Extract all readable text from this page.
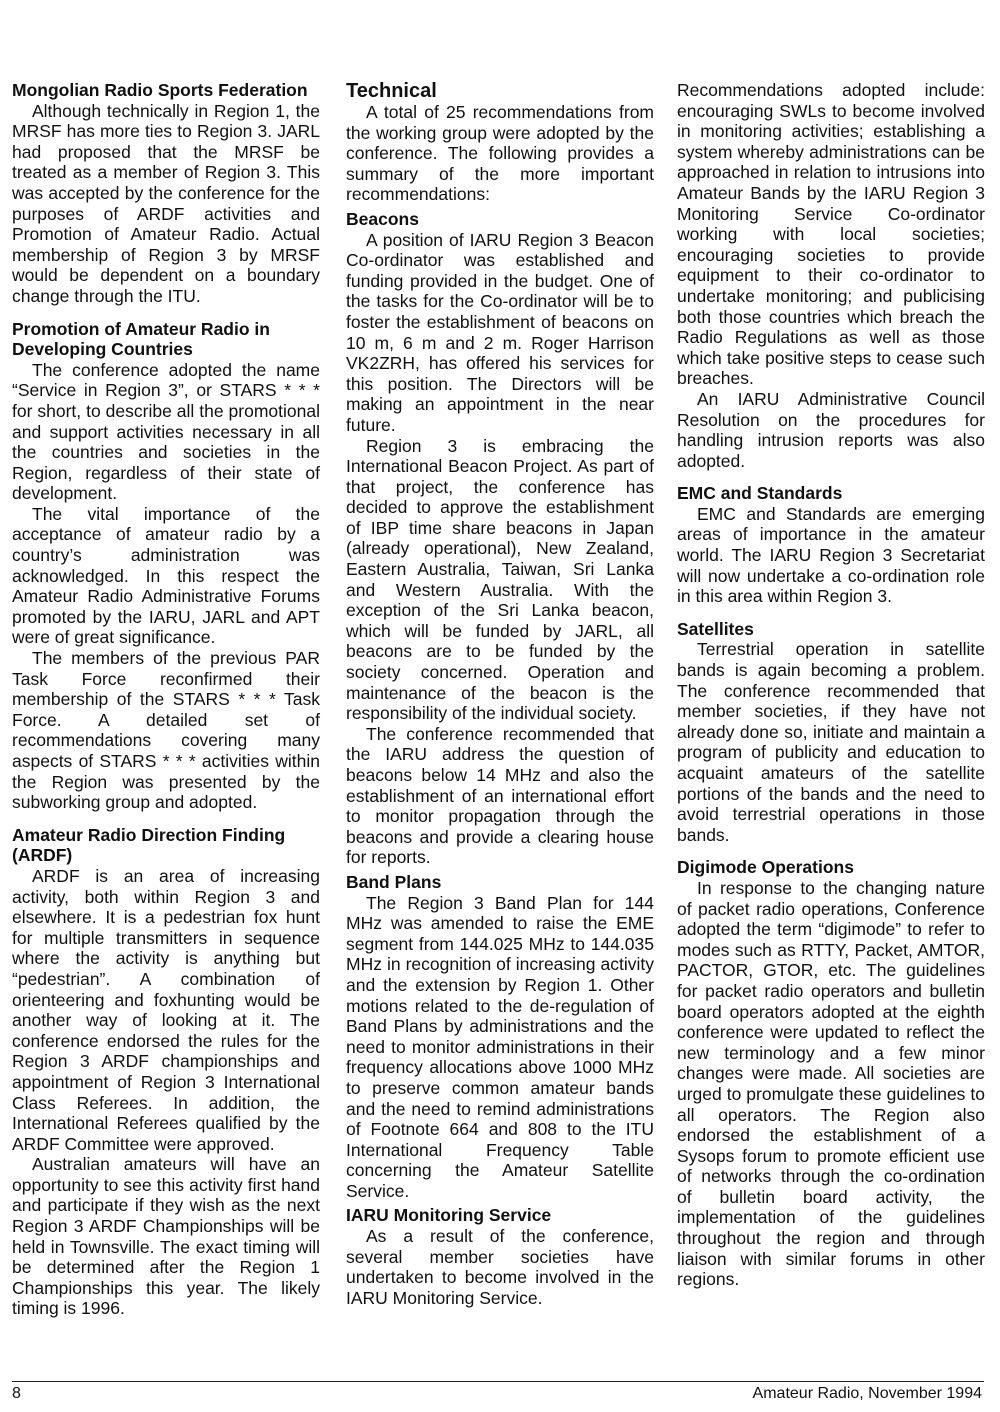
Mongolian Radio Sports Federation

Although technically in Region 1, the MRSF has more ties to Region 3. JARL had proposed that the MRSF be treated as a member of Region 3. This was accepted by the conference for the purposes of ARDF activities and Promotion of Amateur Radio. Actual membership of Region 3 by MRSF would be dependent on a boundary change through the ITU.

Promotion of Amateur Radio in Developing Countries

The conference adopted the name “Service in Region 3”, or STARS * * * for short, to describe all the promotional and support activities necessary in all the countries and societies in the Region, regardless of their state of development.

The vital importance of the acceptance of amateur radio by a country’s administration was acknowledged. In this respect the Amateur Radio Administrative Forums promoted by the IARU, JARL and APT were of great significance.

The members of the previous PAR Task Force reconfirmed their membership of the STARS * * * Task Force. A detailed set of recommendations covering many aspects of STARS * * * activities within the Region was presented by the subworking group and adopted.

Amateur Radio Direction Finding (ARDF)

ARDF is an area of increasing activity, both within Region 3 and elsewhere. It is a pedestrian fox hunt for multiple transmitters in sequence where the activity is anything but “pedestrian”. A combination of orienteering and foxhunting would be another way of looking at it. The conference endorsed the rules for the Region 3 ARDF championships and appointment of Region 3 International Class Referees. In addition, the International Referees qualified by the ARDF Committee were approved.

Australian amateurs will have an opportunity to see this activity first hand and participate if they wish as the next Region 3 ARDF Championships will be held in Townsville. The exact timing will be determined after the Region 1 Championships this year. The likely timing is 1996.

Technical

A total of 25 recommendations from the working group were adopted by the conference. The following provides a summary of the more important recommendations:

Beacons

A position of IARU Region 3 Beacon Co-ordinator was established and funding provided in the budget. One of the tasks for the Co-ordinator will be to foster the establishment of beacons on 10 m, 6 m and 2 m. Roger Harrison VK2ZRH, has offered his services for this position. The Directors will be making an appointment in the near future.

Region 3 is embracing the International Beacon Project. As part of that project, the conference has decided to approve the establishment of IBP time share beacons in Japan (already operational), New Zealand, Eastern Australia, Taiwan, Sri Lanka and Western Australia. With the exception of the Sri Lanka beacon, which will be funded by JARL, all beacons are to be funded by the society concerned. Operation and maintenance of the beacon is the responsibility of the individual society.

The conference recommended that the IARU address the question of beacons below 14 MHz and also the establishment of an international effort to monitor propagation through the beacons and provide a clearing house for reports.

Band Plans

The Region 3 Band Plan for 144 MHz was amended to raise the EME segment from 144.025 MHz to 144.035 MHz in recognition of increasing activity and the extension by Region 1. Other motions related to the de-regulation of Band Plans by administrations and the need to monitor administrations in their frequency allocations above 1000 MHz to preserve common amateur bands and the need to remind administrations of Footnote 664 and 808 to the ITU International Frequency Table concerning the Amateur Satellite Service.

IARU Monitoring Service

As a result of the conference, several member societies have undertaken to become involved in the IARU Monitoring Service.

Recommendations adopted include: encouraging SWLs to become involved in monitoring activities; establishing a system whereby administrations can be approached in relation to intrusions into Amateur Bands by the IARU Region 3 Monitoring Service Co-ordinator working with local societies; encouraging societies to provide equipment to their co-ordinator to undertake monitoring; and publicising both those countries which breach the Radio Regulations as well as those which take positive steps to cease such breaches.

An IARU Administrative Council Resolution on the procedures for handling intrusion reports was also adopted.

EMC and Standards

EMC and Standards are emerging areas of importance in the amateur world. The IARU Region 3 Secretariat will now undertake a co-ordination role in this area within Region 3.

Satellites

Terrestrial operation in satellite bands is again becoming a problem. The conference recommended that member societies, if they have not already done so, initiate and maintain a program of publicity and education to acquaint amateurs of the satellite portions of the bands and the need to avoid terrestrial operations in those bands.

Digimode Operations

In response to the changing nature of packet radio operations, Conference adopted the term “digimode” to refer to modes such as RTTY, Packet, AMTOR, PACTOR, GTOR, etc. The guidelines for packet radio operators and bulletin board operators adopted at the eighth conference were updated to reflect the new terminology and a few minor changes were made. All societies are urged to promulgate these guidelines to all operators. The Region also endorsed the establishment of a Sysops forum to promote efficient use of networks through the co-ordination of bulletin board activity, the implementation of the guidelines throughout the region and through liaison with similar forums in other regions.

8	Amateur Radio, November 1994
